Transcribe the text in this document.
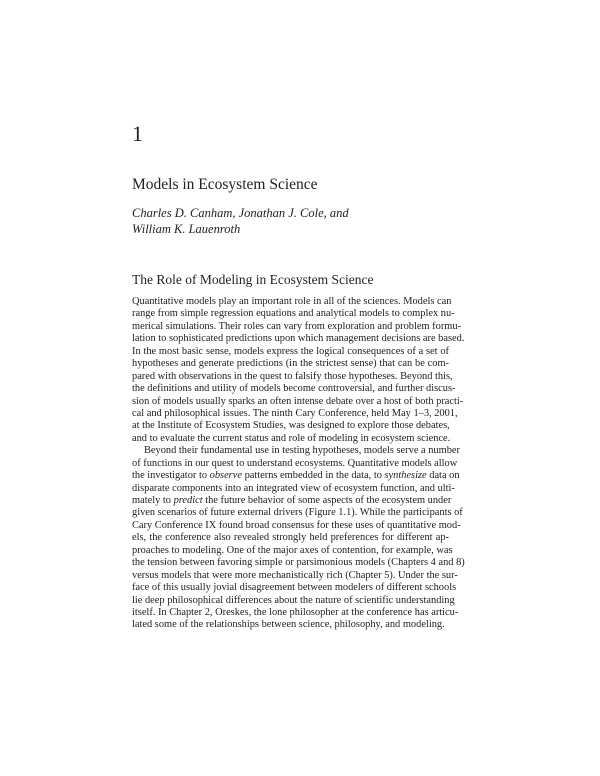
1
Models in Ecosystem Science
Charles D. Canham, Jonathan J. Cole, and
William K. Lauenroth
The Role of Modeling in Ecosystem Science
Quantitative models play an important role in all of the sciences. Models can
range from simple regression equations and analytical models to complex nu-
merical simulations. Their roles can vary from exploration and problem formu-
lation to sophisticated predictions upon which management decisions are based.
In the most basic sense, models express the logical consequences of a set of
hypotheses and generate predictions (in the strictest sense) that can be com-
pared with observations in the quest to falsify those hypotheses. Beyond this,
the definitions and utility of models become controversial, and further discus-
sion of models usually sparks an often intense debate over a host of both practi-
cal and philosophical issues. The ninth Cary Conference, held May 1–3, 2001,
at the Institute of Ecosystem Studies, was designed to explore those debates,
and to evaluate the current status and role of modeling in ecosystem science.
Beyond their fundamental use in testing hypotheses, models serve a number
of functions in our quest to understand ecosystems. Quantitative models allow
the investigator to observe patterns embedded in the data, to synthesize data on
disparate components into an integrated view of ecosystem function, and ulti-
mately to predict the future behavior of some aspects of the ecosystem under
given scenarios of future external drivers (Figure 1.1). While the participants of
Cary Conference IX found broad consensus for these uses of quantitative mod-
els, the conference also revealed strongly held preferences for different ap-
proaches to modeling. One of the major axes of contention, for example, was
the tension between favoring simple or parsimonious models (Chapters 4 and 8)
versus models that were more mechanistically rich (Chapter 5). Under the sur-
face of this usually jovial disagreement between modelers of different schools
lie deep philosophical differences about the nature of scientific understanding
itself. In Chapter 2, Oreskes, the lone philosopher at the conference has articu-
lated some of the relationships between science, philosophy, and modeling.
